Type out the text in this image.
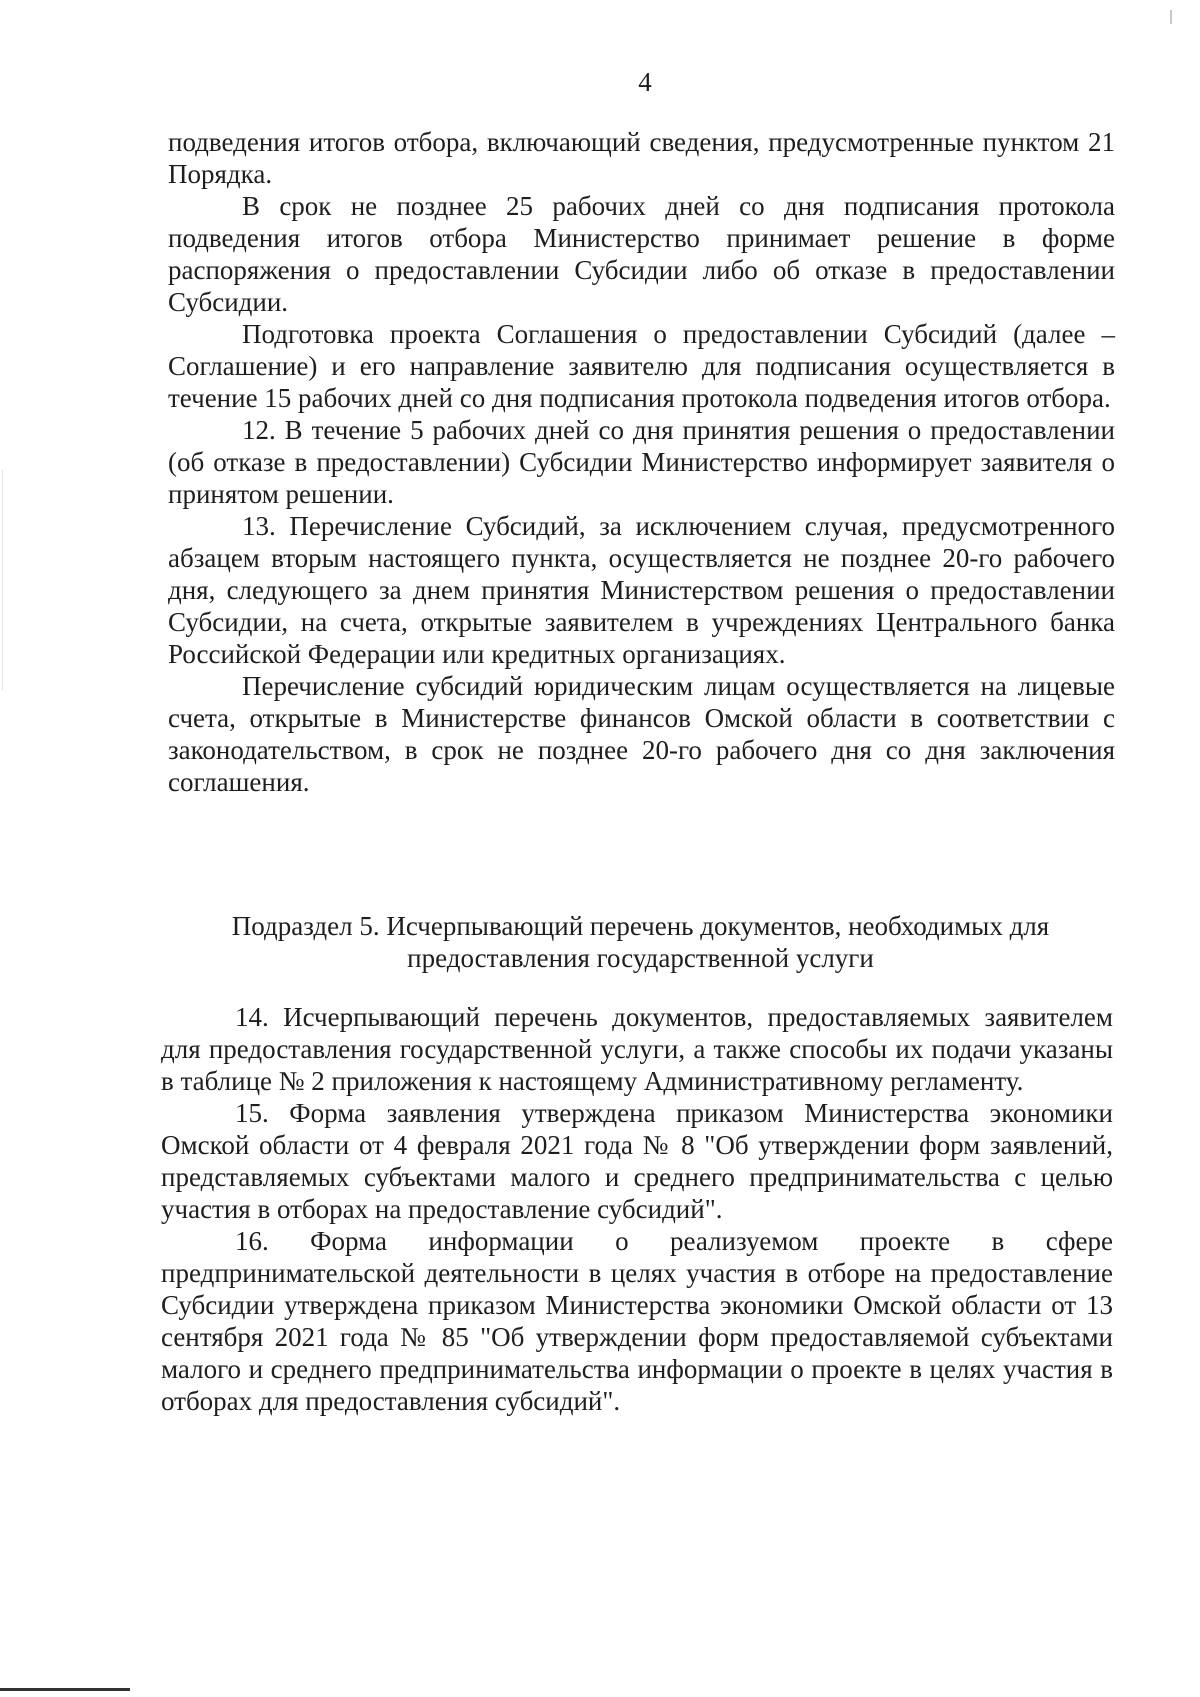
4

подведения итогов отбора, включающий сведения, предусмотренные пунктом 21 Порядка.

В срок не позднее 25 рабочих дней со дня подписания протокола подведения итогов отбора Министерство принимает решение в форме распоряжения о предоставлении Субсидии либо об отказе в предоставлении Субсидии.

Подготовка проекта Соглашения о предоставлении Субсидий (далее – Соглашение) и его направление заявителю для подписания осуществляется в течение 15 рабочих дней со дня подписания протокола подведения итогов отбора.

12. В течение 5 рабочих дней со дня принятия решения о предоставлении (об отказе в предоставлении) Субсидии Министерство информирует заявителя о принятом решении.

13. Перечисление Субсидий, за исключением случая, предусмотренного абзацем вторым настоящего пункта, осуществляется не позднее 20-го рабочего дня, следующего за днем принятия Министерством решения о предоставлении Субсидии, на счета, открытые заявителем в учреждениях Центрального банка Российской Федерации или кредитных организациях.

Перечисление субсидий юридическим лицам осуществляется на лицевые счета, открытые в Министерстве финансов Омской области в соответствии с законодательством, в срок не позднее 20-го рабочего дня со дня заключения соглашения.

Подраздел 5. Исчерпывающий перечень документов, необходимых для
предоставления государственной услуги

14. Исчерпывающий перечень документов, предоставляемых заявителем для предоставления государственной услуги, а также способы их подачи указаны в таблице № 2 приложения к настоящему Административному регламенту.

15. Форма заявления утверждена приказом Министерства экономики Омской области от 4 февраля 2021 года № 8 "Об утверждении форм заявлений, представляемых субъектами малого и среднего предпринимательства с целью участия в отборах на предоставление субсидий".

16. Форма информации о реализуемом проекте в сфере предпринимательской деятельности в целях участия в отборе на предоставление Субсидии утверждена приказом Министерства экономики Омской области от 13 сентября 2021 года № 85 "Об утверждении форм предоставляемой субъектами малого и среднего предпринимательства информации о проекте в целях участия в отборах для предоставления субсидий".
